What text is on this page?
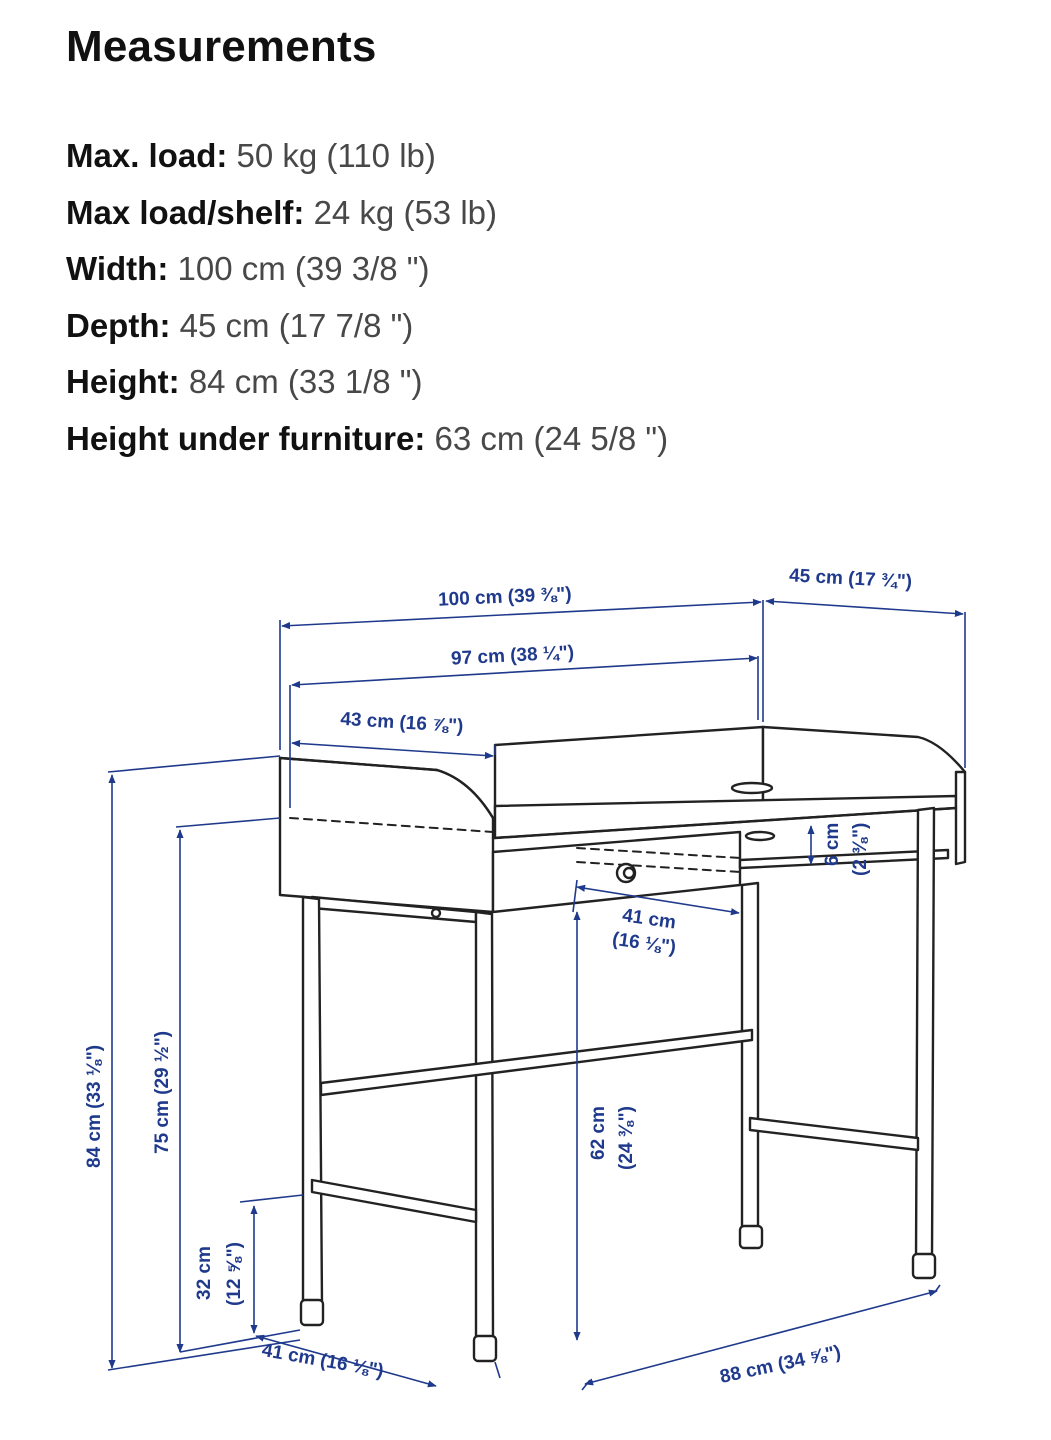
Measurements
Max. load: 50 kg (110 lb)
Max load/shelf: 24 kg (53 lb)
Width: 100 cm (39 3/8 ")
Depth: 45 cm (17 7/8 ")
Height: 84 cm (33 1/8 ")
Height under furniture: 63 cm (24 5/8 ")
100 cm (39 ⅜")
45 cm (17 ¾")
97 cm (38 ¼")
43 cm (16 ⅞")
41 cm
(16 ⅛")
6 cm (2 ⅜")
84 cm (33 ⅛") 75 cm (29 ½")
32 cm (12 ⅝")
62 cm (24 ⅜")
41 cm (16 ⅛")	88 cm (34 ⅝")
